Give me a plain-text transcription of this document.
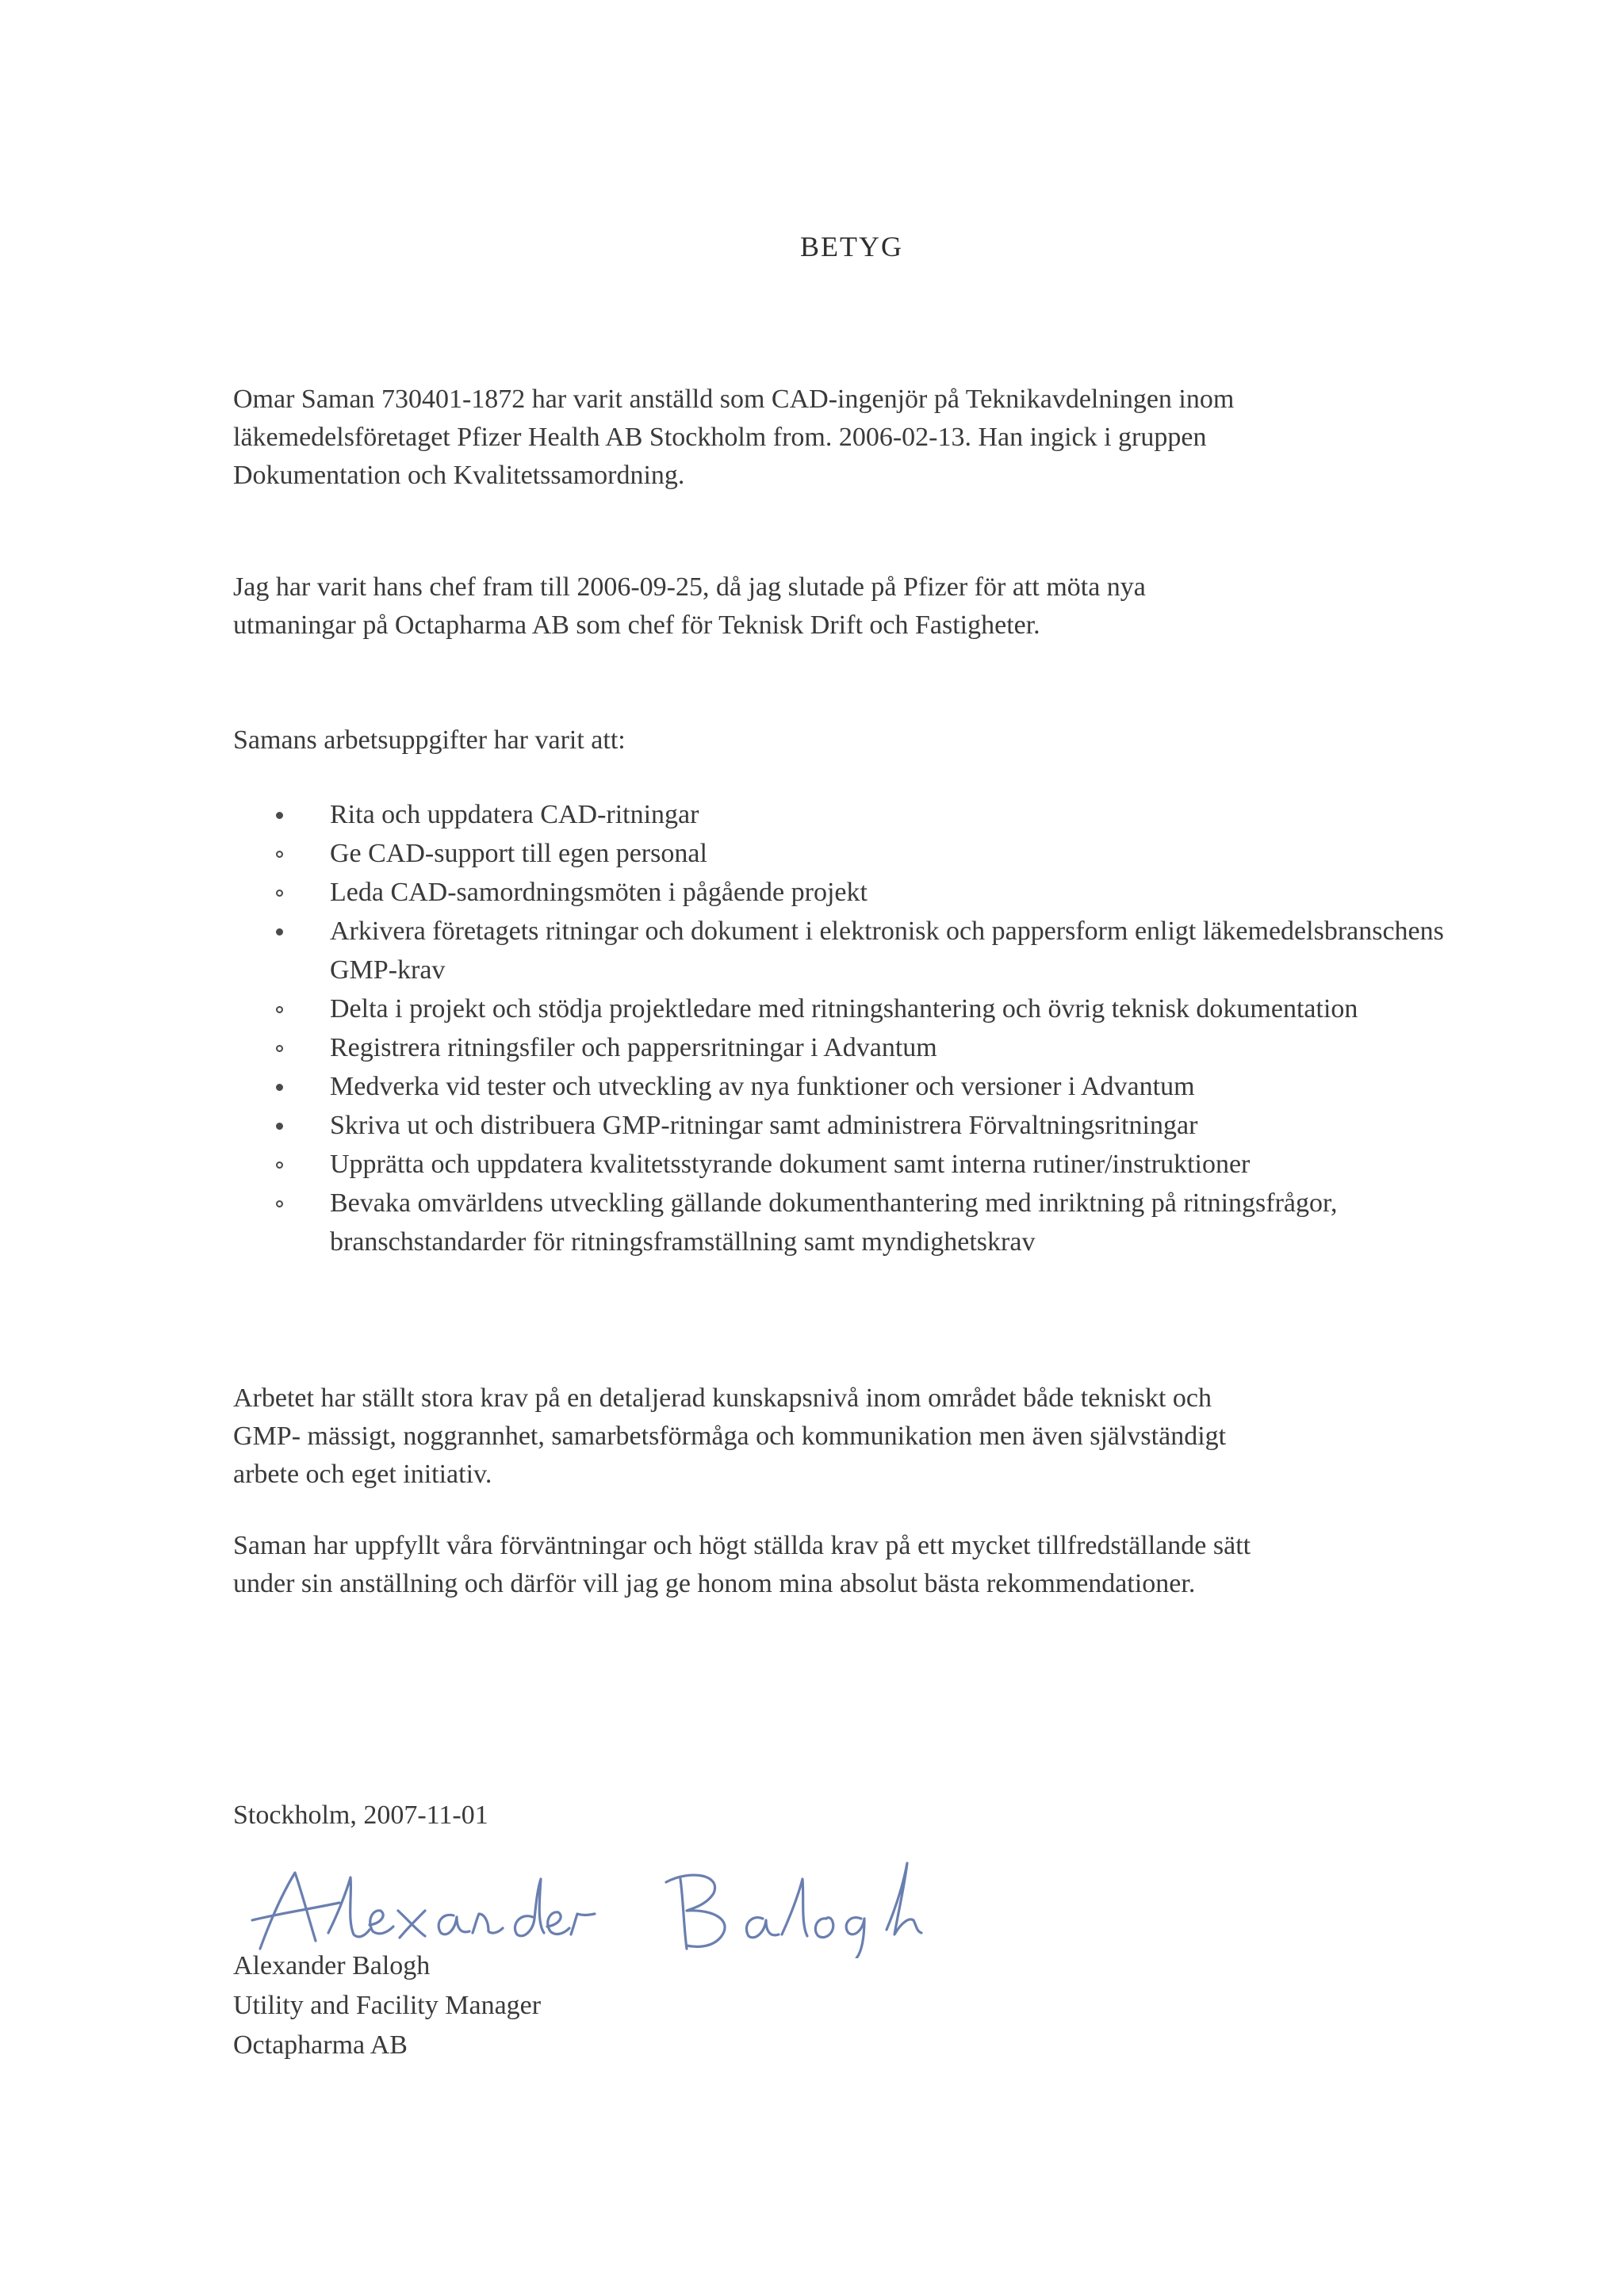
BETYG

Omar Saman 730401-1872 har varit anställd som CAD-ingenjör på Teknikavdelningen inom

läkemedelsföretaget Pfizer Health AB Stockholm from. 2006-02-13. Han ingick i gruppen

Dokumentation och Kvalitetssamordning.

Jag har varit hans chef fram till 2006-09-25, då jag slutade på Pfizer för att möta nya

utmaningar på Octapharma AB som chef för Teknisk Drift och Fastigheter.

Samans arbetsuppgifter har varit att:
Rita och uppdatera CAD-ritningar
Ge CAD-support till egen personal
Leda CAD-samordningsmöten i pågående projekt
Arkivera företagets ritningar och dokument i elektronisk och pappersform enligt läkemedelsbranschens GMP-krav
Delta i projekt och stödja projektledare med ritningshantering och övrig teknisk dokumentation
Registrera ritningsfiler och pappersritningar i Advantum
Medverka vid tester och utveckling av nya funktioner och versioner i Advantum
Skriva ut och distribuera GMP-ritningar samt administrera Förvaltningsritningar
Upprätta och uppdatera kvalitetsstyrande dokument samt interna rutiner/instruktioner
Bevaka omvärldens utveckling gällande dokumenthantering med inriktning på ritningsfrågor, branschstandarder för ritningsframställning samt myndighetskrav

Arbetet har ställt stora krav på en detaljerad kunskapsnivå inom området både tekniskt och

GMP- mässigt, noggrannhet, samarbetsförmåga och kommunikation men även självständigt

arbete och eget initiativ.

Saman har uppfyllt våra förväntningar och högt ställda krav på ett mycket tillfredställande sätt

under sin anställning och därför vill jag ge honom mina absolut bästa rekommendationer.

Stockholm, 2007-11-01
Alexander Balogh
Utility and Facility Manager
Octapharma AB
